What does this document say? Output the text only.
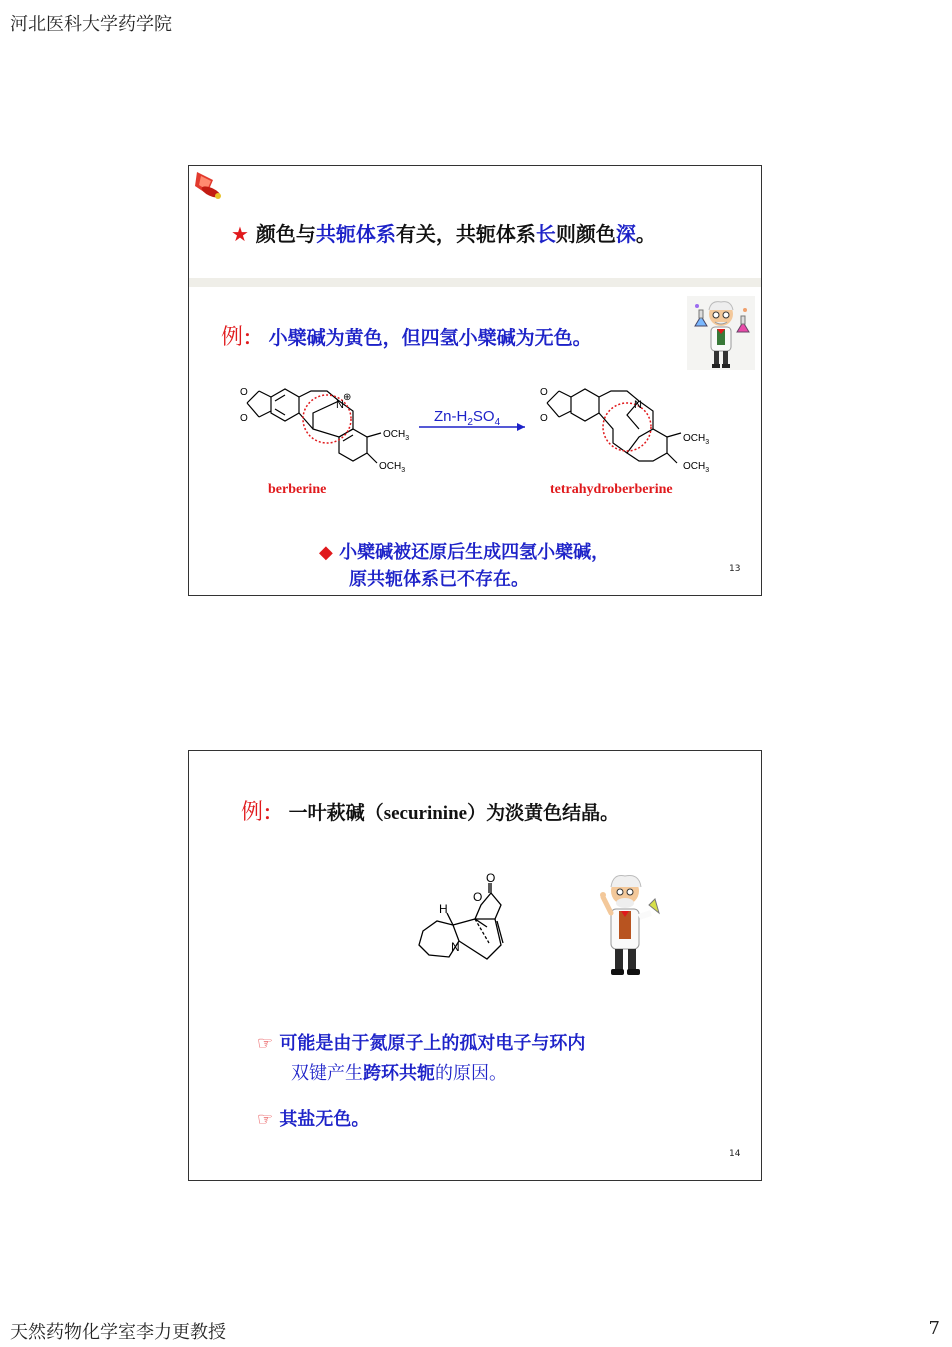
河北医科大学药学院
★ 颜色与共轭体系有关，共轭体系长则颜色深。
例： 小檗碱为黄色，但四氢小檗碱为无色。
O
O
N
⊕
$OCH_3$
$OCH_3$
$Zn-H_2SO_4$
O
O
N
$OCH_3$
$OCH_3$
berberine	tetrahydroberberine
◆ 小檗碱被还原后生成四氢小檗碱，
原共轭体系已不存在。	13
例： 一叶萩碱（securinine）为淡黄色结晶。
O
O
H
N
☞ 可能是由于氮原子上的孤对电子与环内
双键产生跨环共轭的原因。
☞ 其盐无色。
14
天然药物化学室李力更教授	7
